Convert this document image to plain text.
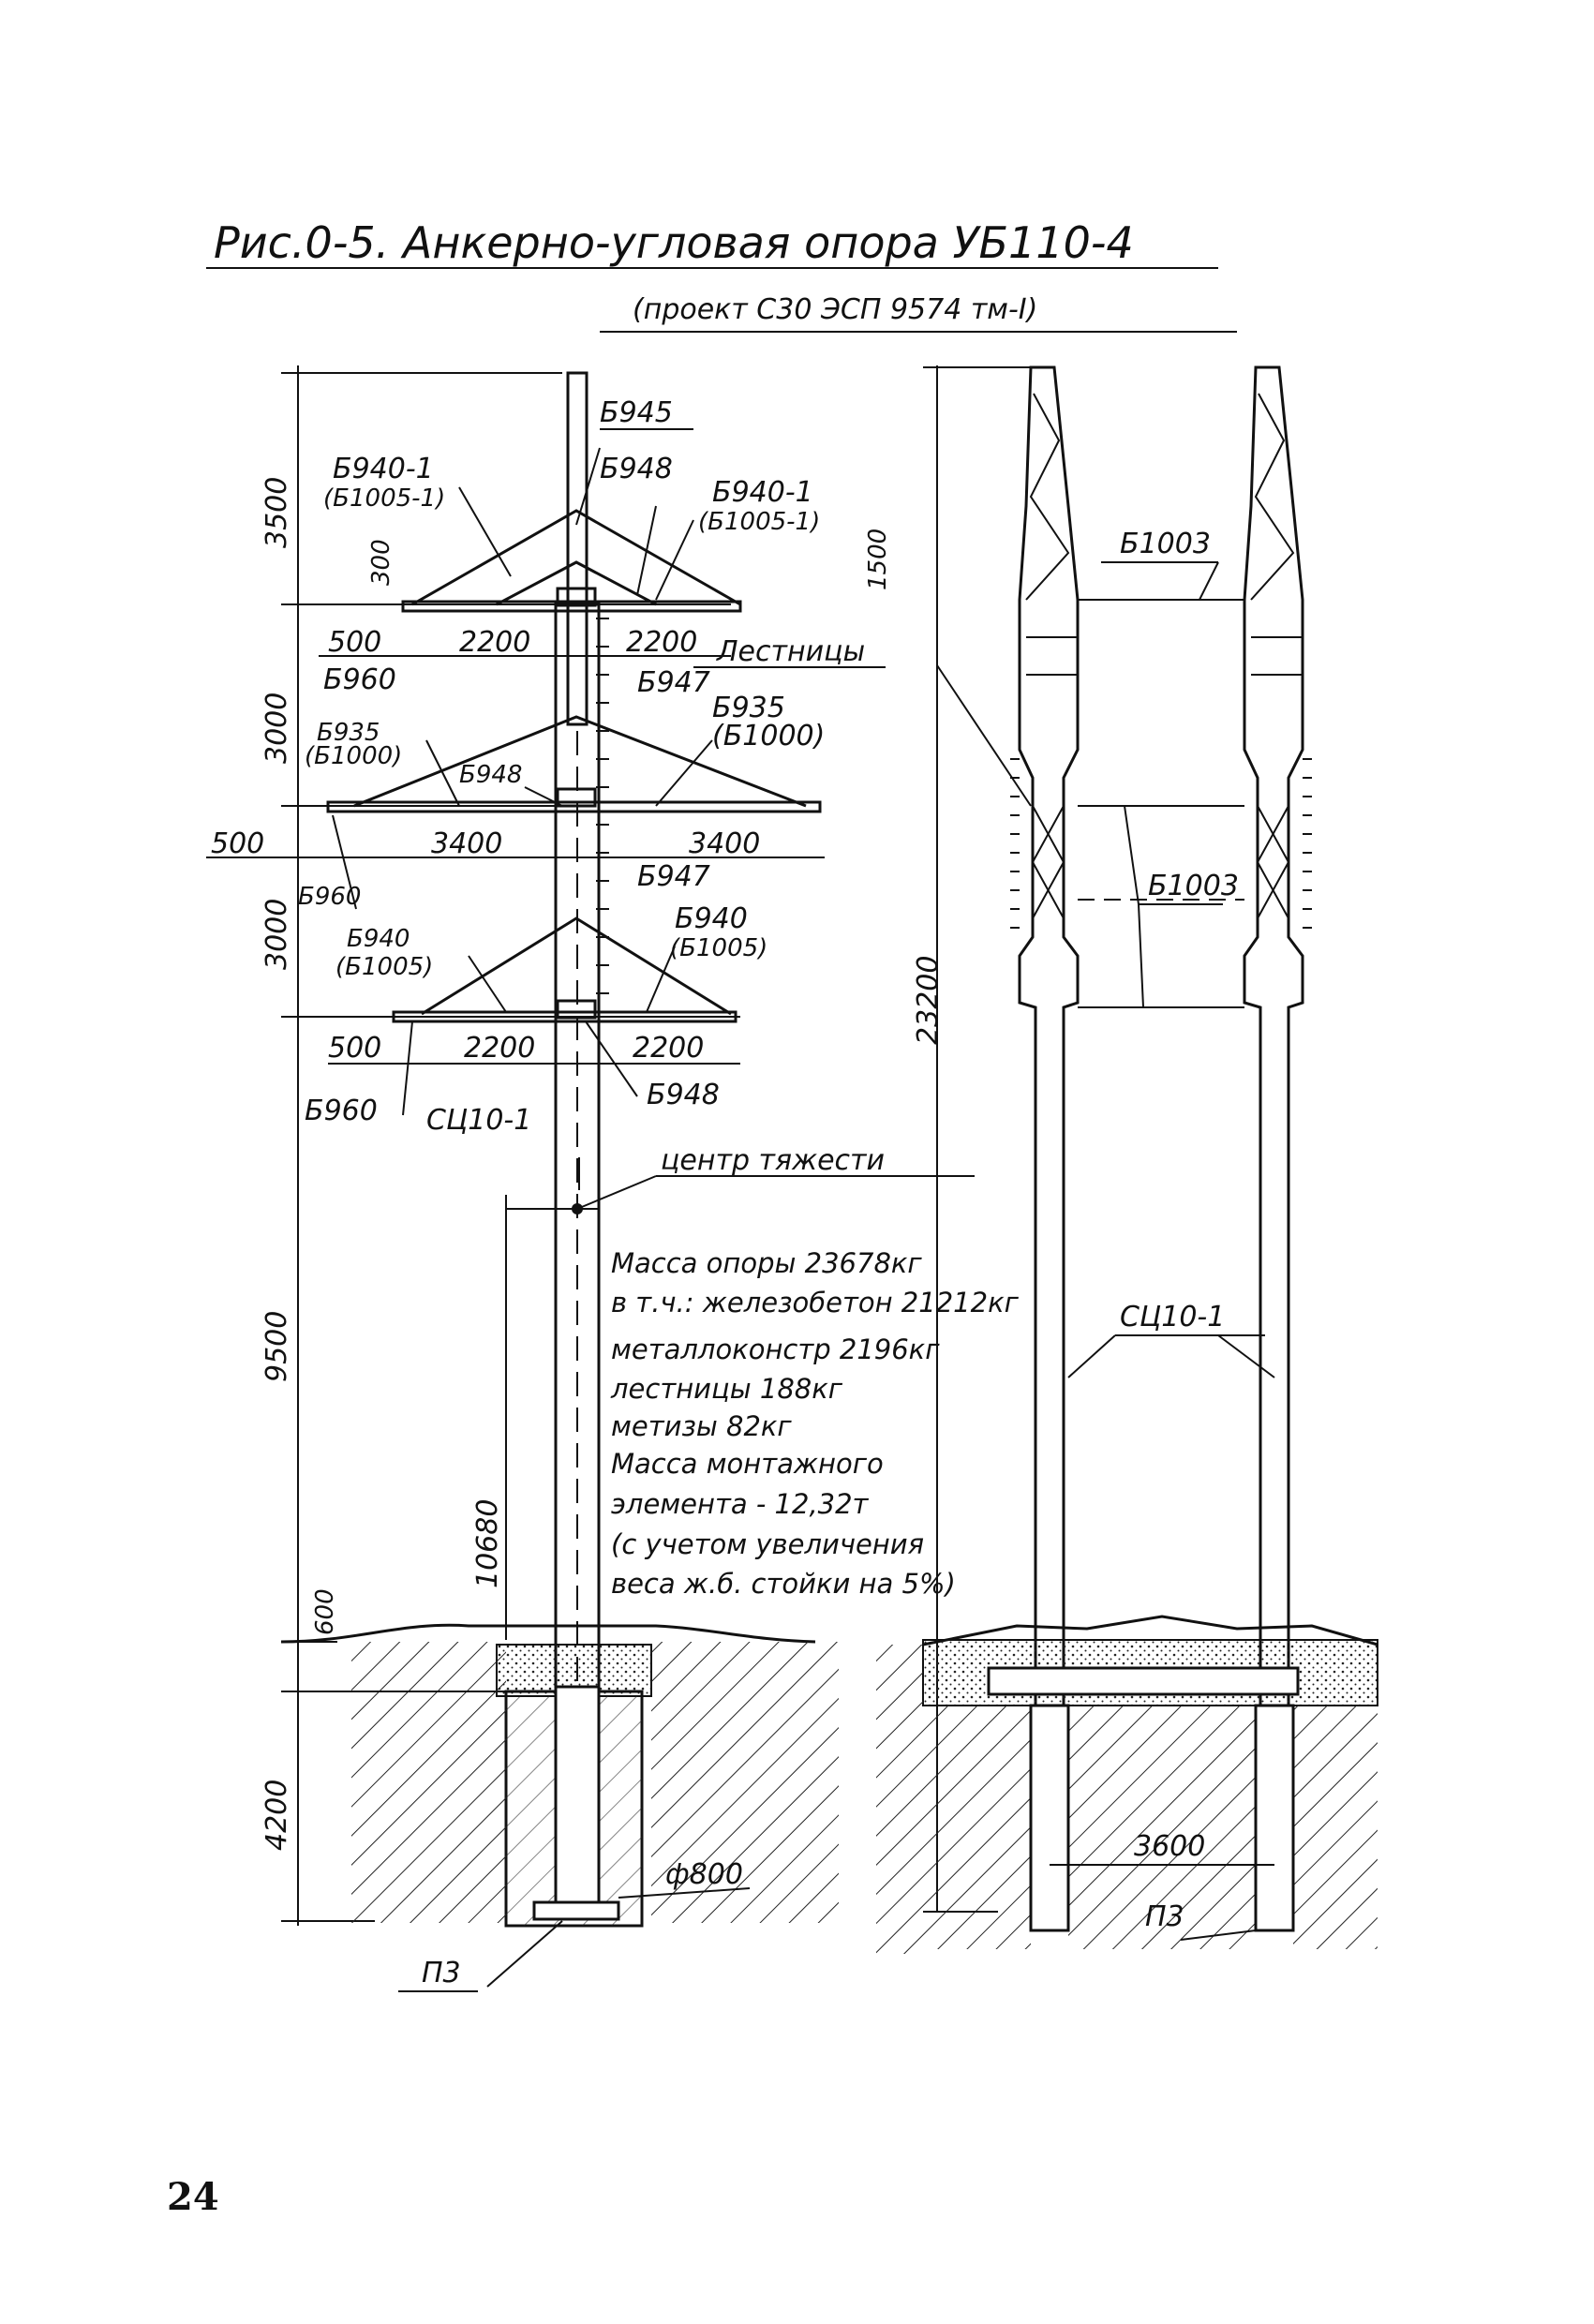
Рис.0-5. Анкерно-угловая опора УБ110-4
(проект С30 ЭСП 9574 тм-I)
Б945
Б948
Б940-1
(Б1005-1)	Б940-1
(Б1005-1)
500	2200	2200
Б960
Лестницы
Б947
Б935
(Б1000)
Б948
Б935
(Б1000)
500	3400	3400
Б960
Б947
Б940
(Б1005)
Б940
(Б1005)
500	2200	2200
Б948
Б960 СЦ10-1
центр тяжести
ф800
П3
3500
300	1500
3000
3000
9500
10680
600
4200
Масса опоры 23678кг
в т.ч.: железобетон 21212кг
металлоконстр 2196кг
лестницы 188кг
метизы 82кг
Масса монтажного
элемента - 12,32т
(с учетом увеличения
веса ж.б. стойки на 5%)
Б1003
Б1003
СЦ10-1
23200
3600
П3
24
